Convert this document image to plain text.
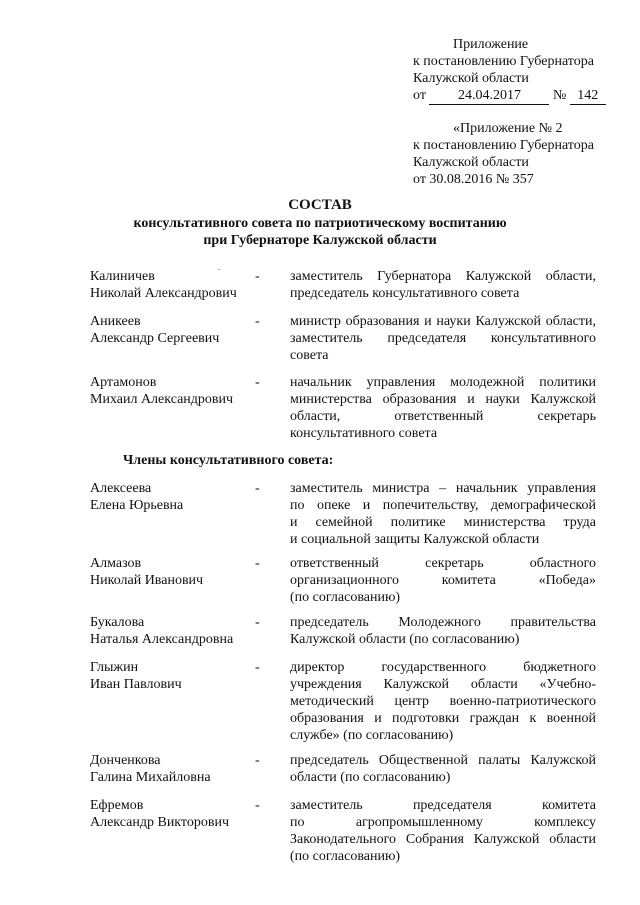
Приложение
к постановлению Губернатора
Калужской области
от 24.04.2017 № 142
«Приложение № 2
к постановлению Губернатора
Калужской области
от 30.08.2016 № 357
СОСТАВ
консультативного совета по патриотическому воспитанию
при Губернаторе Калужской области
.
Калиничев
Николай Александрович
- заместитель Губернатора Калужской области,
председатель консультативного совета
Аникеев
Александр Сергеевич
- министр образования и науки Калужской области,
заместитель председателя консультативного
совета
Артамонов
Михаил Александрович
- начальник управления молодежной политики
министерства образования и науки Калужской
области, ответственный секретарь
консультативного совета
Члены консультативного совета:
Алексеева
Елена Юрьевна
- заместитель министра – начальник управления
по опеке и попечительству, демографической
и семейной политике министерства труда
и социальной защиты Калужской области
Алмазов
Николай Иванович
- ответственный секретарь областного
организационного комитета «Победа»
(по согласованию)
Букалова
Наталья Александровна
- председатель Молодежного правительства
Калужской области (по согласованию)
Глыжин
Иван Павлович
- директор государственного бюджетного
учреждения Калужской области «Учебно-
методический центр военно-патриотического
образования и подготовки граждан к военной
службе» (по согласованию)
Донченкова
Галина Михайловна
- председатель Общественной палаты Калужской
области (по согласованию)
Ефремов
Александр Викторович
- заместитель председателя комитета
по агропромышленному комплексу
Законодательного Собрания Калужской области
(по согласованию)
